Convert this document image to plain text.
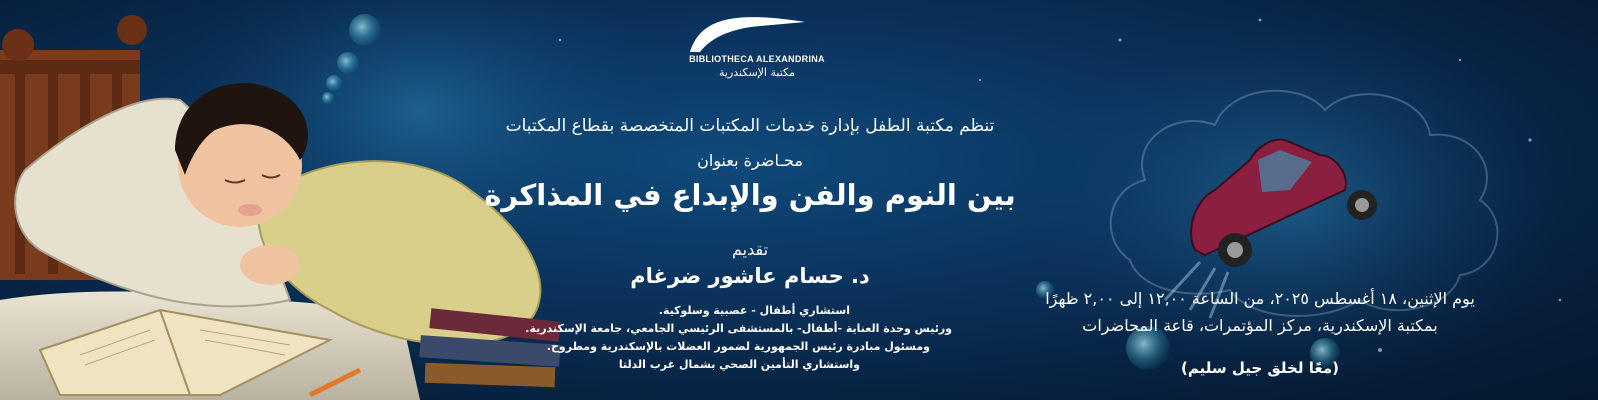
BIBLIOTHECA ALEXANDRINA
مكتبة الإسكندرية
تنظم مكتبة الطفل بإدارة خدمات المكتبات المتخصصة بقطاع المكتبات
محـاضرة بعنوان
بين النوم والفن والإبداع في المذاكرة
تقديم
د. حسام عاشور ضرغام
استشاري أطفال - عصبية وسلوكية.
ورئيس وحدة العناية -أطفال- بالمستشفى الرئيسي الجامعي، جامعة الإسكندرية.
ومسئول مبادرة رئيس الجمهورية لضمور العضلات بالإسكندرية ومطروح.
واستشاري التأمين الصحي بشمال غرب الدلتا
يوم الإثنين، ١٨ أغسطس ٢٠٢٥، من الساعة ١٢,٠٠ إلى ٢,٠٠ ظهرًا
بمكتبة الإسكندرية، مركز المؤتمرات، قاعة المحاضرات
(معًا لخلق جيل سليم)
